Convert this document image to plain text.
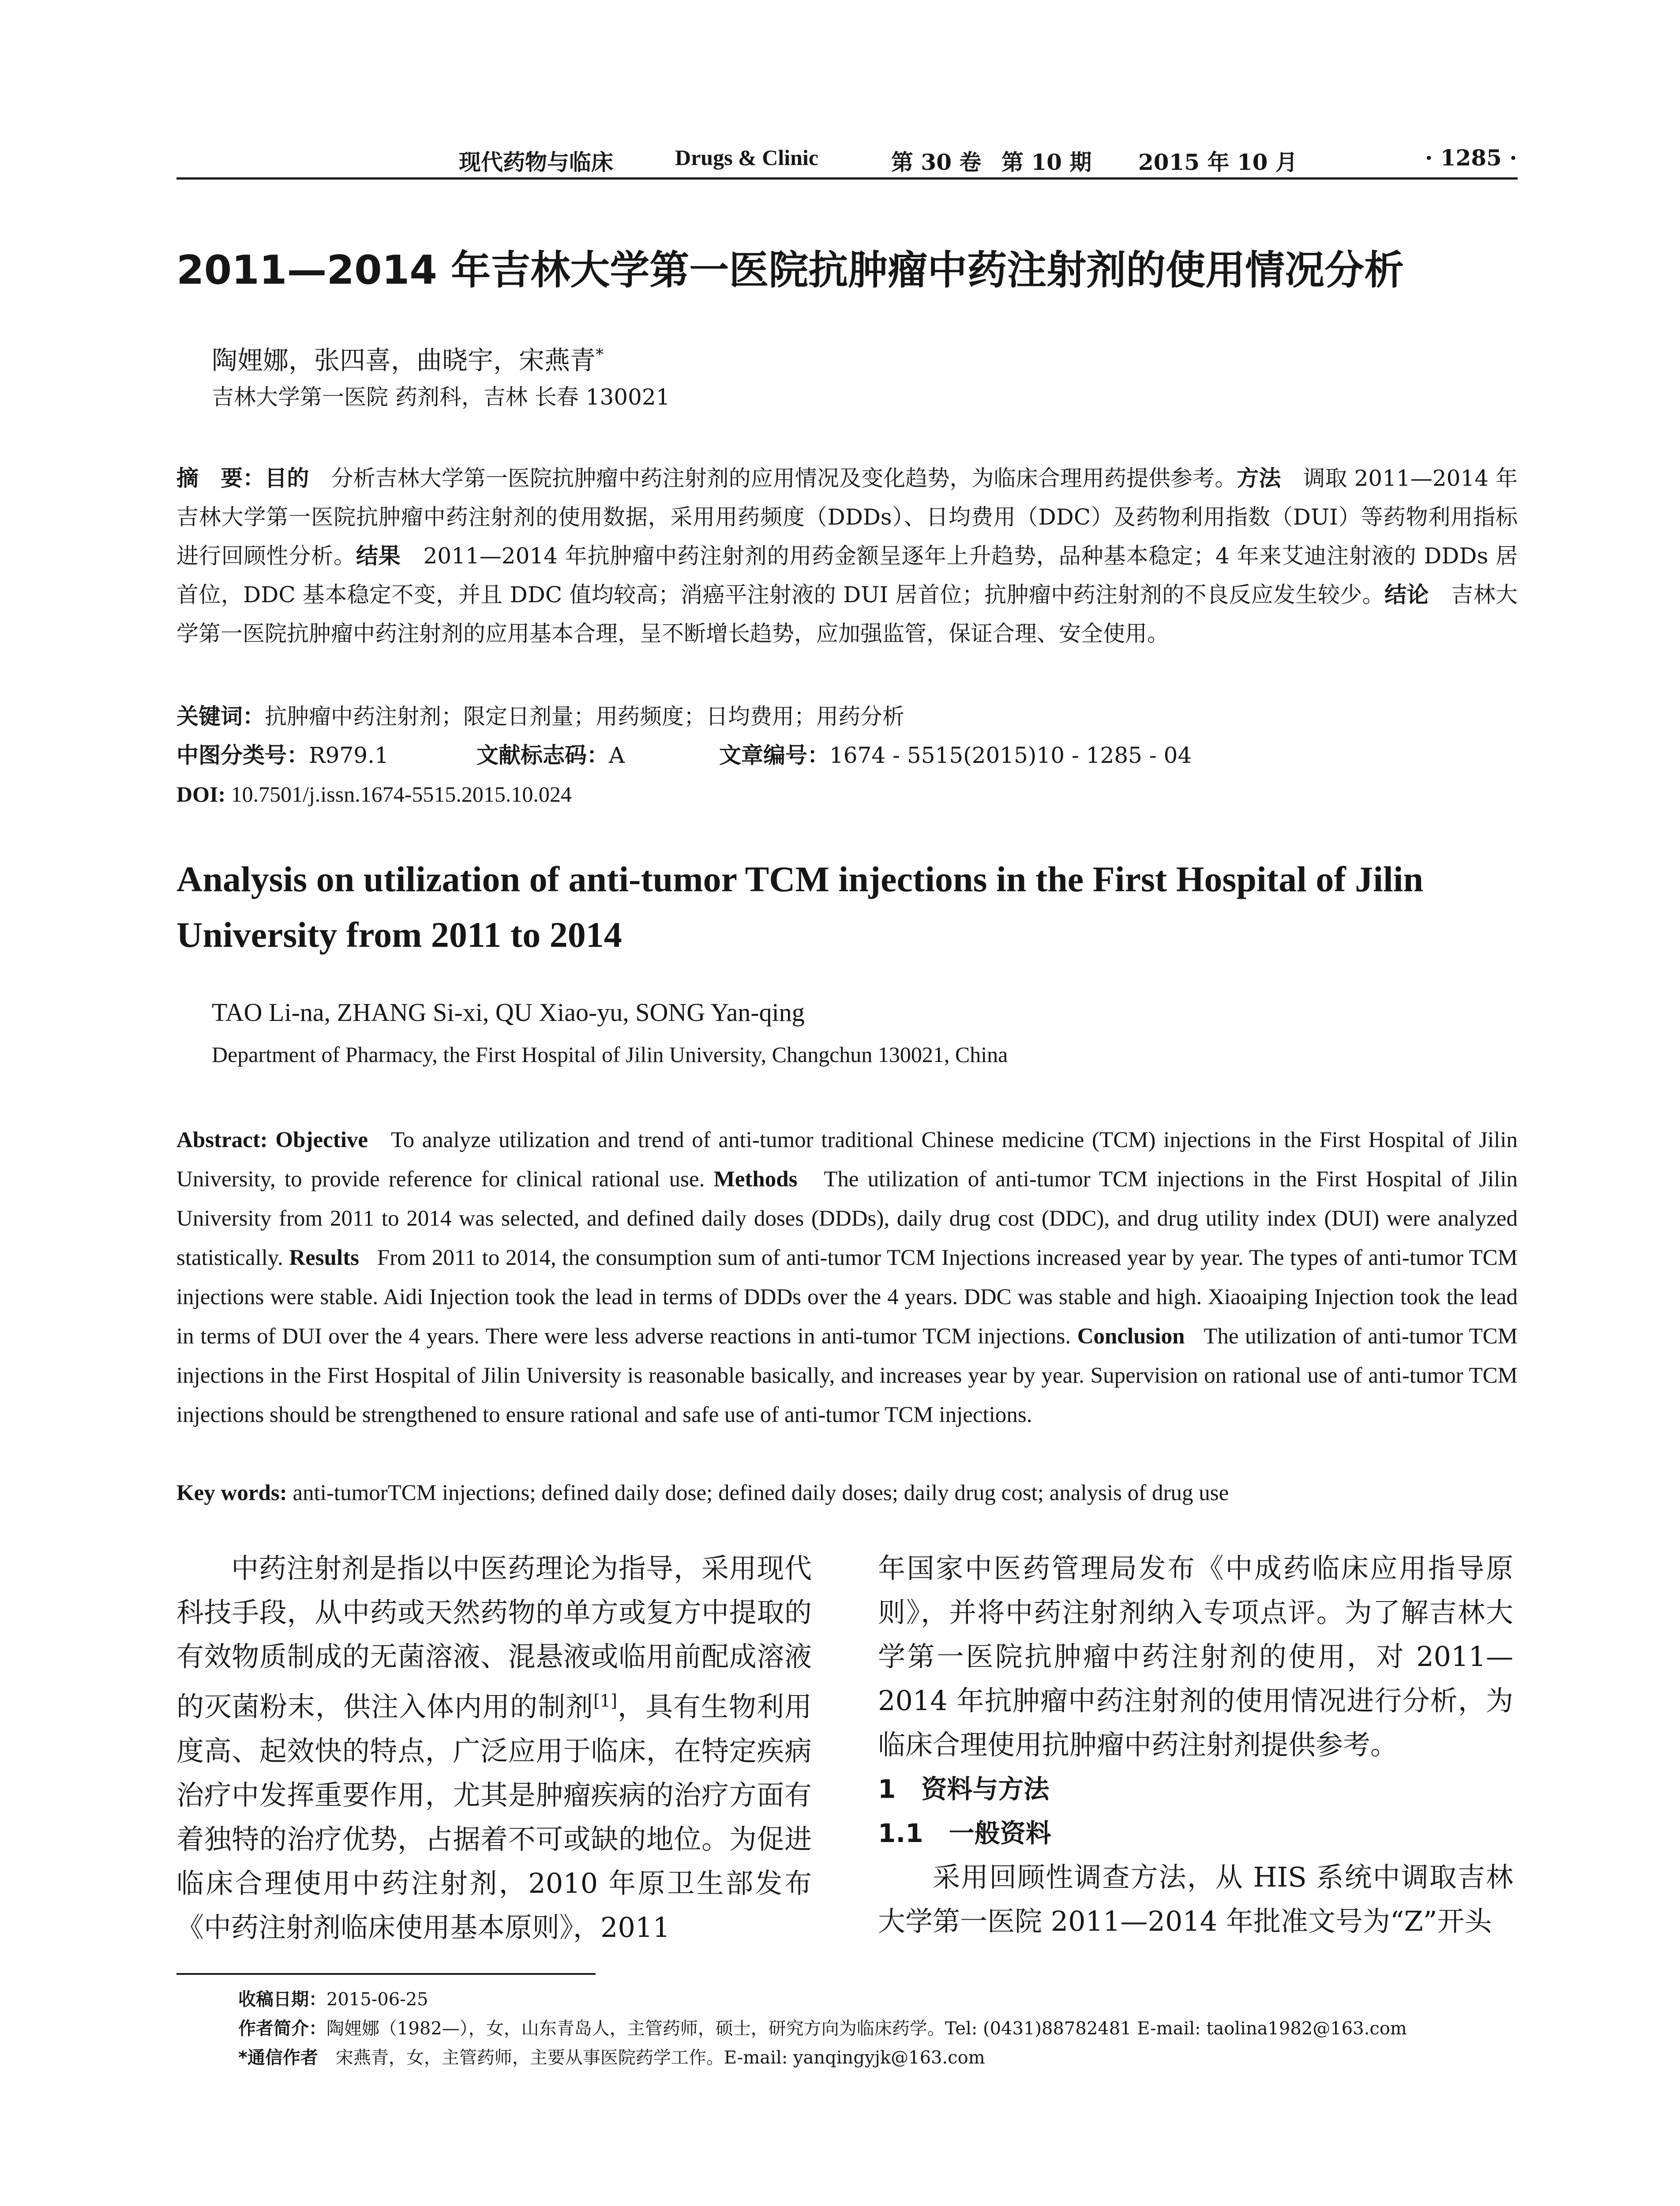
现代药物与临床	Drugs & Clinic	第 30 卷 第 10 期 2015 年 10 月	· 1285 ·
2011—2014 年吉林大学第一医院抗肿瘤中药注射剂的使用情况分析
陶娌娜，张四喜，曲晓宇，宋燕青*
吉林大学第一医院 药剂科，吉林 长春 130021
摘　要：目的　 分析吉林大学第一医院抗肿瘤中药注射剂的应用情况及变化趋势，为临床合理用药提供参考。方法　 调取 2011—2014 年吉林大学第一医院抗肿瘤中药注射剂的使用数据，采用用药频度（DDDs）、日均费用（DDC）及药物利用指数（DUI）等药物利用指标进行回顾性分析。结果　 2011—2014 年抗肿瘤中药注射剂的用药金额呈逐年上升趋势，品种基本稳定；4 年来艾迪注射液的 DDDs 居首位，DDC 基本稳定不变，并且 DDC 值均较高；消癌平注射液的 DUI 居首位；抗肿瘤中药注射剂的不良反应发生较少。结论　 吉林大学第一医院抗肿瘤中药注射剂的应用基本合理，呈不断增长趋势，应加强监管，保证合理、安全使用。
关键词：抗肿瘤中药注射剂；限定日剂量；用药频度；日均费用；用药分析
中图分类号：R979.1	文献标志码：A	文章编号：1674 - 5515(2015)10 - 1285 - 04
DOI: 10.7501/j.issn.1674-5515.2015.10.024
Analysis on utilization of anti-tumor TCM injections in the First Hospital of Jilin University from 2011 to 2014
TAO Li-na, ZHANG Si-xi, QU Xiao-yu, SONG Yan-qing
Department of Pharmacy, the First Hospital of Jilin University, Changchun 130021, China
Abstract: Objective To analyze utilization and trend of anti-tumor traditional Chinese medicine (TCM) injections in the First Hospital of Jilin University, to provide reference for clinical rational use. Methods The utilization of anti-tumor TCM injections in the First Hospital of Jilin University from 2011 to 2014 was selected, and defined daily doses (DDDs), daily drug cost (DDC), and drug utility index (DUI) were analyzed statistically. Results From 2011 to 2014, the consumption sum of anti-tumor TCM Injections increased year by year. The types of anti-tumor TCM injections were stable. Aidi Injection took the lead in terms of DDDs over the 4 years. DDC was stable and high. Xiaoaiping Injection took the lead in terms of DUI over the 4 years. There were less adverse reactions in anti-tumor TCM injections. Conclusion The utilization of anti-tumor TCM injections in the First Hospital of Jilin University is reasonable basically, and increases year by year. Supervision on rational use of anti-tumor TCM injections should be strengthened to ensure rational and safe use of anti-tumor TCM injections.
Key words: anti-tumorTCM injections; defined daily dose; defined daily doses; daily drug cost; analysis of drug use

中药注射剂是指以中医药理论为指导，采用现代科技手段，从中药或天然药物的单方或复方中提取的有效物质制成的无菌溶液、混悬液或临用前配成溶液的灭菌粉末，供注入体内用的制剂[1]，具有生物利用度高、起效快的特点，广泛应用于临床，在特定疾病治疗中发挥重要作用，尤其是肿瘤疾病的治疗方面有着独特的治疗优势，占据着不可或缺的地位。为促进临床合理使用中药注射剂，2010 年原卫生部发布《中药注射剂临床使用基本原则》，2011

年国家中医药管理局发布《中成药临床应用指导原则》，并将中药注射剂纳入专项点评。为了解吉林大学第一医院抗肿瘤中药注射剂的使用，对 2011—2014 年抗肿瘤中药注射剂的使用情况进行分析，为临床合理使用抗肿瘤中药注射剂提供参考。

1　资料与方法

1.1　一般资料

采用回顾性调查方法，从 HIS 系统中调取吉林大学第一医院 2011—2014 年批准文号为“Z”开头

收稿日期：2015-06-25
作者简介：陶娌娜（1982—），女，山东青岛人，主管药师，硕士，研究方向为临床药学。Tel: (0431)88782481 E-mail: taolina1982@163.com
*通信作者　宋燕青，女，主管药师，主要从事医院药学工作。E-mail: yanqingyjk@163.com
